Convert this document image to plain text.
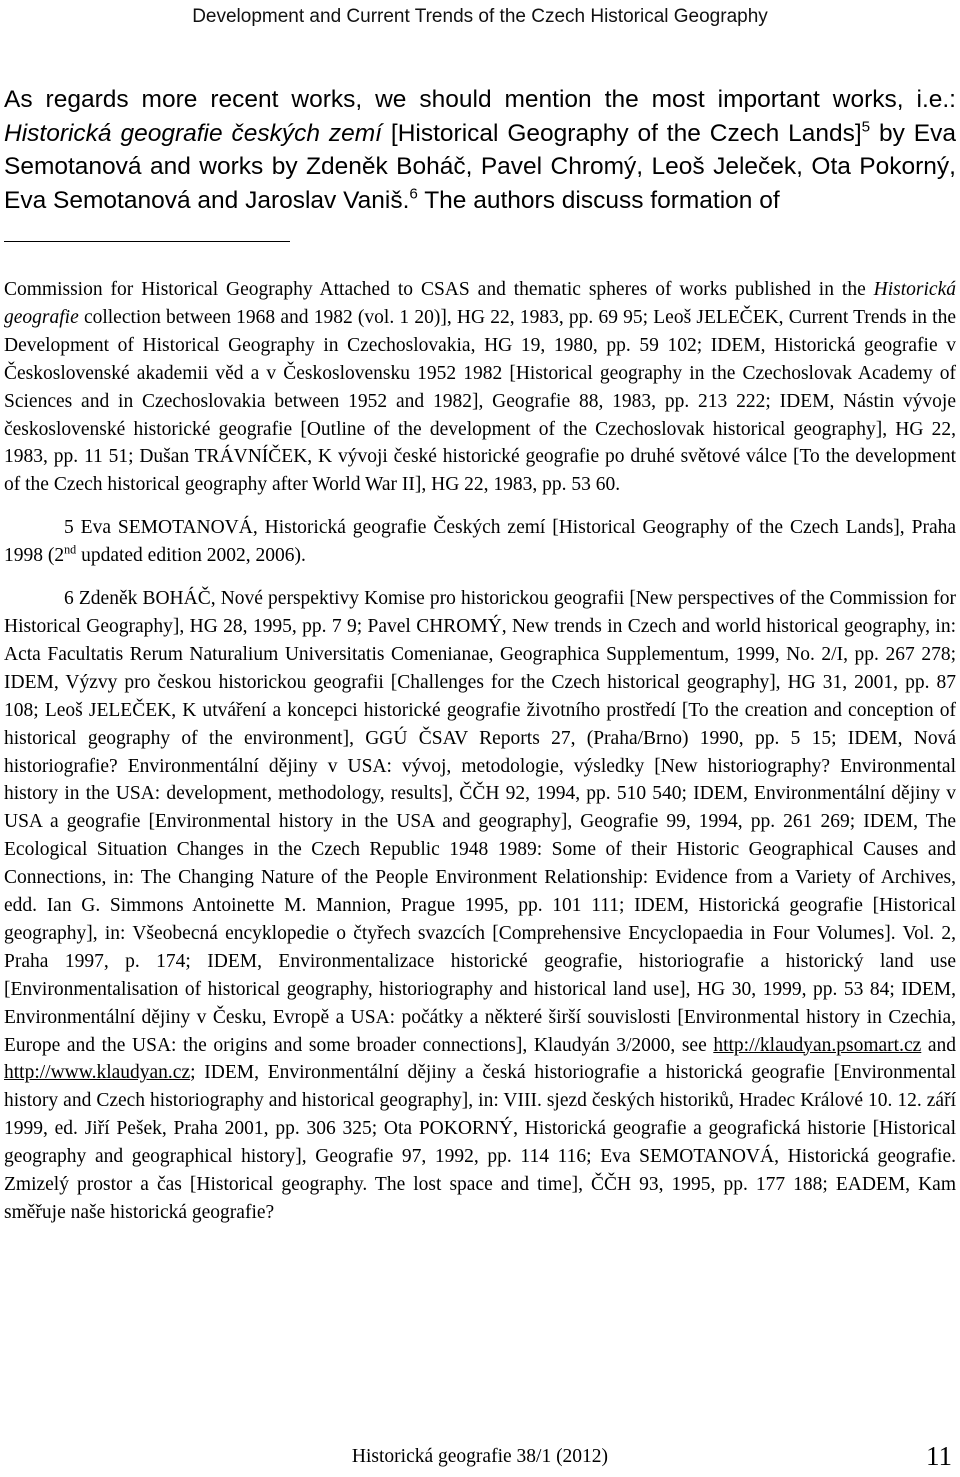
Development and Current Trends of the Czech Historical Geography
As regards more recent works, we should mention the most important works, i.e.: Historická geografie českých zemí [Historical Geography of the Czech Lands]$^5$ by Eva Semotanová and works by Zdeněk Boháč, Pavel Chromý, Leoš Jeleček, Ota Pokorný, Eva Semotanová and Jaroslav Vaniš.$^6$ The authors discuss formation of

Commission for Historical Geography Attached to CSAS and thematic spheres of works published in the Historická geografie collection between 1968 and 1982 (vol. 1 20)], HG 22, 1983, pp. 69 95; Leoš JELEČEK, Current Trends in the Development of Historical Geography in Czechoslovakia, HG 19, 1980, pp. 59 102; IDEM, Historická geografie v Československé akademii věd a v Československu 1952 1982 [Historical geography in the Czechoslovak Academy of Sciences and in Czechoslovakia between 1952 and 1982], Geografie 88, 1983, pp. 213 222; IDEM, Nástin vývoje československé historické geografie [Outline of the development of the Czechoslovak historical geography], HG 22, 1983, pp. 11 51; Dušan TRÁVNÍČEK, K vývoji české historické geografie po druhé světové válce [To the development of the Czech historical geography after World War II], HG 22, 1983, pp. 53 60.

5 Eva SEMOTANOVÁ, Historická geografie Českých zemí [Historical Geography of the Czech Lands], Praha 1998 (2nd updated edition 2002, 2006).

6 Zdeněk BOHÁČ, Nové perspektivy Komise pro historickou geografii [New perspectives of the Commission for Historical Geography], HG 28, 1995, pp. 7 9; Pavel CHROMÝ, New trends in Czech and world historical geography, in: Acta Facultatis Rerum Naturalium Universitatis Comenianae, Geographica Supplementum, 1999, No. 2/I, pp. 267 278; IDEM, Výzvy pro českou historickou geografii [Challenges for the Czech historical geography], HG 31, 2001, pp. 87 108; Leoš JELEČEK, K utváření a koncepci historické geografie životního prostředí [To the creation and conception of historical geography of the environment], GGÚ ČSAV Reports 27, (Praha/Brno) 1990, pp. 5 15; IDEM, Nová historiografie? Environmentální dějiny v USA: vývoj, metodologie, výsledky [New historiography? Environmental history in the USA: development, methodology, results], ČČH 92, 1994, pp. 510 540; IDEM, Environmentální dějiny v USA a geografie [Environmental history in the USA and geography], Geografie 99, 1994, pp. 261 269; IDEM, The Ecological Situation Changes in the Czech Republic 1948 1989: Some of their Historic Geographical Causes and Connections, in: The Changing Nature of the People Environment Relationship: Evidence from a Variety of Archives, edd. Ian G. Simmons Antoinette M. Mannion, Prague 1995, pp. 101 111; IDEM, Historická geografie [Historical geography], in: Všeobecná encyklopedie o čtyřech svazcích [Comprehensive Encyclopaedia in Four Volumes]. Vol. 2, Praha 1997, p. 174; IDEM, Environmentalizace historické geografie, historiografie a historický land use [Environmentalisation of historical geography, historiography and historical land use], HG 30, 1999, pp. 53 84; IDEM, Environmentální dějiny v Česku, Evropě a USA: počátky a některé širší souvislosti [Environmental history in Czechia, Europe and the USA: the origins and some broader connections], Klaudyán 3/2000, see http://klaudyan.psomart.cz and http://www.klaudyan.cz; IDEM, Environmentální dějiny a česká historiografie a historická geografie [Environmental history and Czech historiography and historical geography], in: VIII. sjezd českých historiků, Hradec Králové 10. 12. září 1999, ed. Jiří Pešek, Praha 2001, pp. 306 325; Ota POKORNÝ, Historická geografie a geografická historie [Historical geography and geographical history], Geografie 97, 1992, pp. 114 116; Eva SEMOTANOVÁ, Historická geografie. Zmizelý prostor a čas [Historical geography. The lost space and time], ČČH 93, 1995, pp. 177 188; EADEM, Kam směřuje naše historická geografie?

Historická geografie 38/1 (2012)	11
